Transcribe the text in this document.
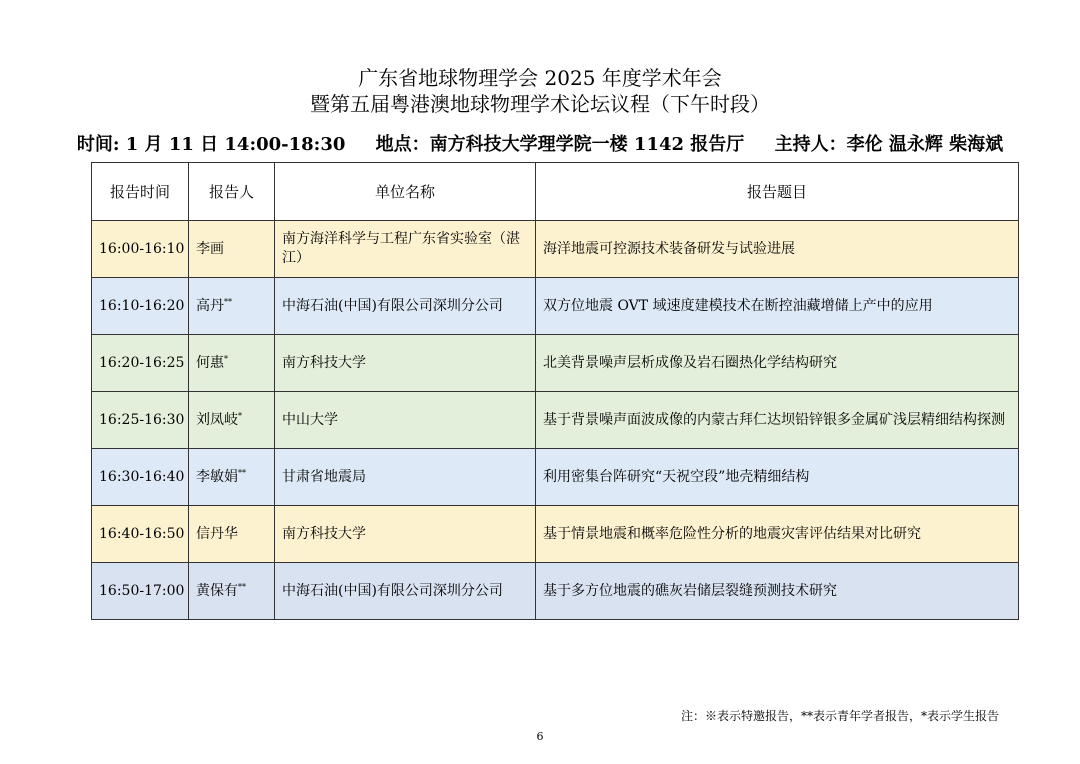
广东省地球物理学会 2025 年度学术年会
暨第五届粤港澳地球物理学术论坛议程（下午时段）
时间: 1 月 11 日 14:00-18:30 地点：南方科技大学理学院一楼 1142 报告厅 主持人：李伦 温永辉 柴海斌
报告时间	报告人	单位名称	报告题目
16:00-16:10	李画	南方海洋科学与工程广东省实验室（湛江）	海洋地震可控源技术装备研发与试验进展
16:10-16:20	高丹**	中海石油(中国)有限公司深圳分公司	双方位地震 OVT 域速度建模技术在断控油藏增储上产中的应用
16:20-16:25	何惠*	南方科技大学	北美背景噪声层析成像及岩石圈热化学结构研究
16:25-16:30	刘凤岐*	中山大学	基于背景噪声面波成像的内蒙古拜仁达坝铅锌银多金属矿浅层精细结构探测
16:30-16:40	李敏娟**	甘肃省地震局	利用密集台阵研究“天祝空段”地壳精细结构
16:40-16:50	信丹华	南方科技大学	基于情景地震和概率危险性分析的地震灾害评估结果对比研究
16:50-17:00	黄保有**	中海石油(中国)有限公司深圳分公司	基于多方位地震的礁灰岩储层裂缝预测技术研究
注：※表示特邀报告，**表示青年学者报告，*表示学生报告
6
